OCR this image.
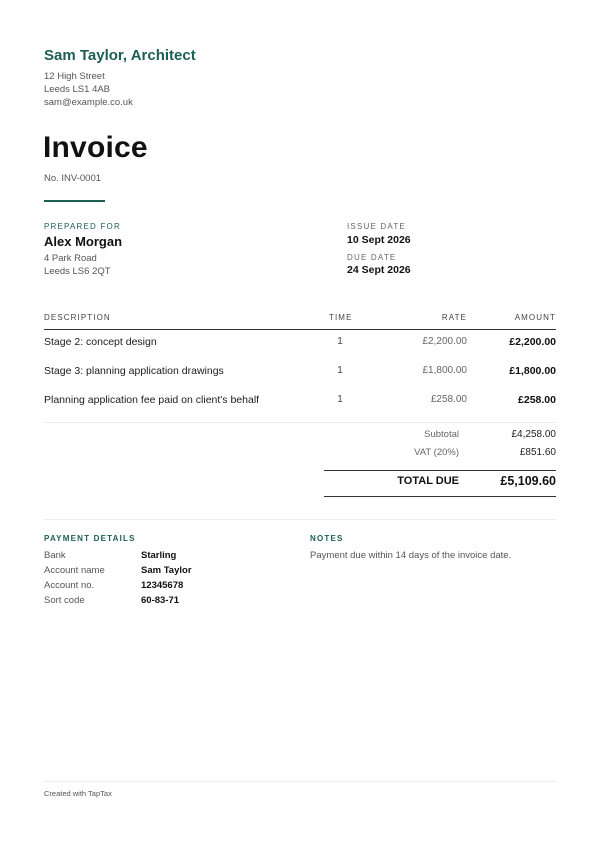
Sam Taylor, Architect
12 High Street
Leeds LS1 4AB
sam@example.co.uk
Invoice
No. INV-0001
PREPARED FOR
Alex Morgan
4 Park Road
Leeds LS6 2QT
ISSUE DATE
10 Sept 2026
DUE DATE
24 Sept 2026
DESCRIPTION	TIME	RATE	AMOUNT
Stage 2: concept design	1	£2,200.00	£2,200.00
Stage 3: planning application drawings	1	£1,800.00	£1,800.00
Planning application fee paid on client's behalf	1	£258.00	£258.00
Subtotal	£4,258.00
VAT (20%)	£851.60
TOTAL DUE	£5,109.60
PAYMENT DETAILS
Bank	Starling
Account name	Sam Taylor
Account no.	12345678
Sort code	60-83-71
NOTES
Payment due within 14 days of the invoice date.
Created with TapTax
